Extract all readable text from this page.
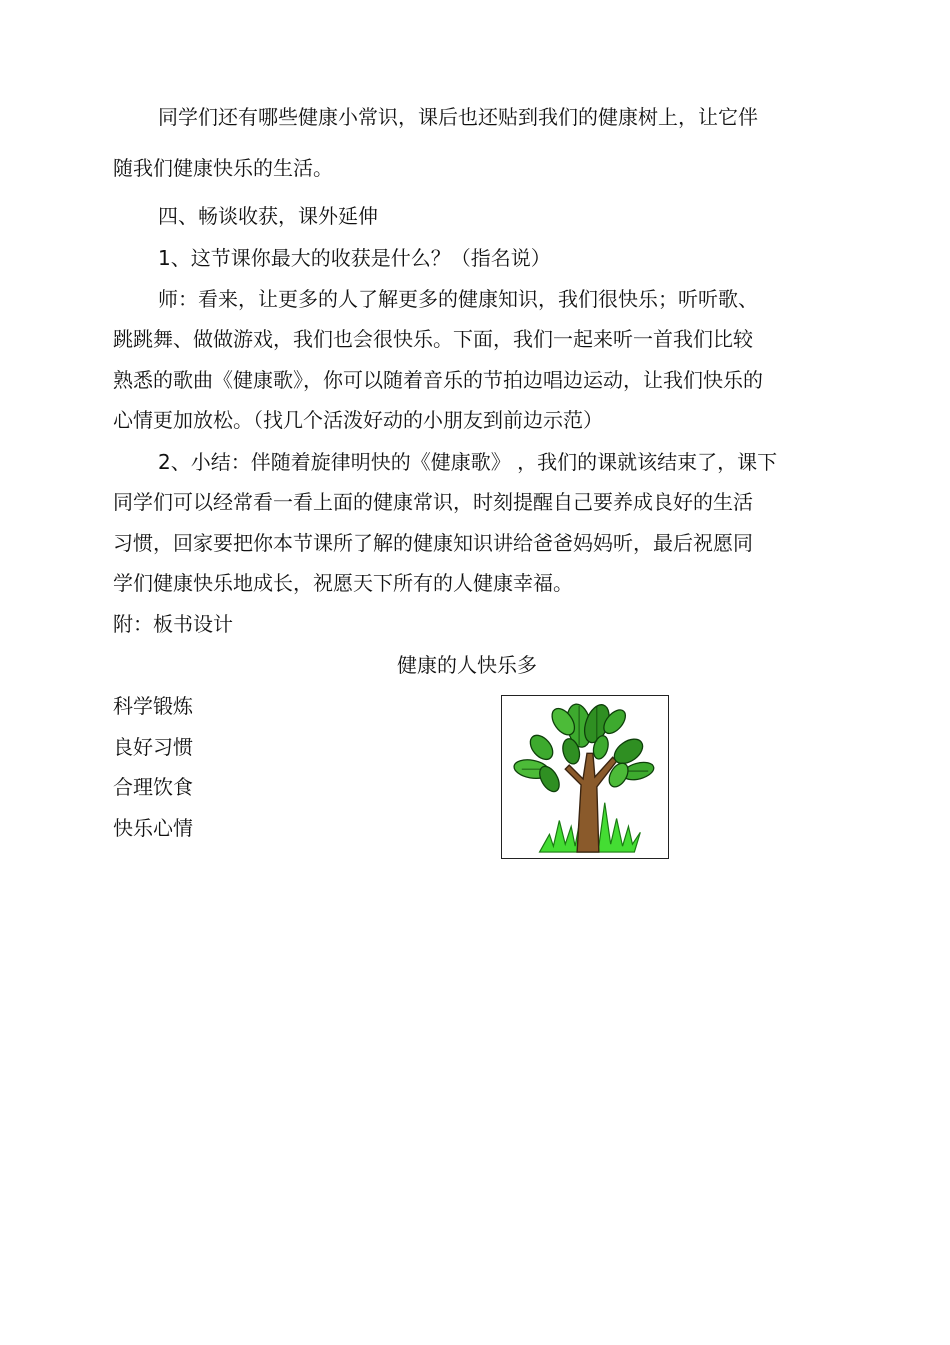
同学们还有哪些健康小常识，课后也还贴到我们的健康树上，让它伴
随我们健康快乐的生活。
四、畅谈收获，课外延伸
1、这节课你最大的收获是什么？（指名说）
师：看来，让更多的人了解更多的健康知识，我们很快乐；听听歌、
跳跳舞、做做游戏，我们也会很快乐。下面，我们一起来听一首我们比较
熟悉的歌曲《健康歌》，你可以随着音乐的节拍边唱边运动，让我们快乐的
心情更加放松。（找几个活泼好动的小朋友到前边示范）
2、小结：伴随着旋律明快的《健康歌》 ，我们的课就该结束了，课下
同学们可以经常看一看上面的健康常识，时刻提醒自己要养成良好的生活
习惯，回家要把你本节课所了解的健康知识讲给爸爸妈妈听，最后祝愿同
学们健康快乐地成长，祝愿天下所有的人健康幸福。
附：板书设计
健康的人快乐多
科学锻炼
良好习惯
合理饮食
快乐心情
